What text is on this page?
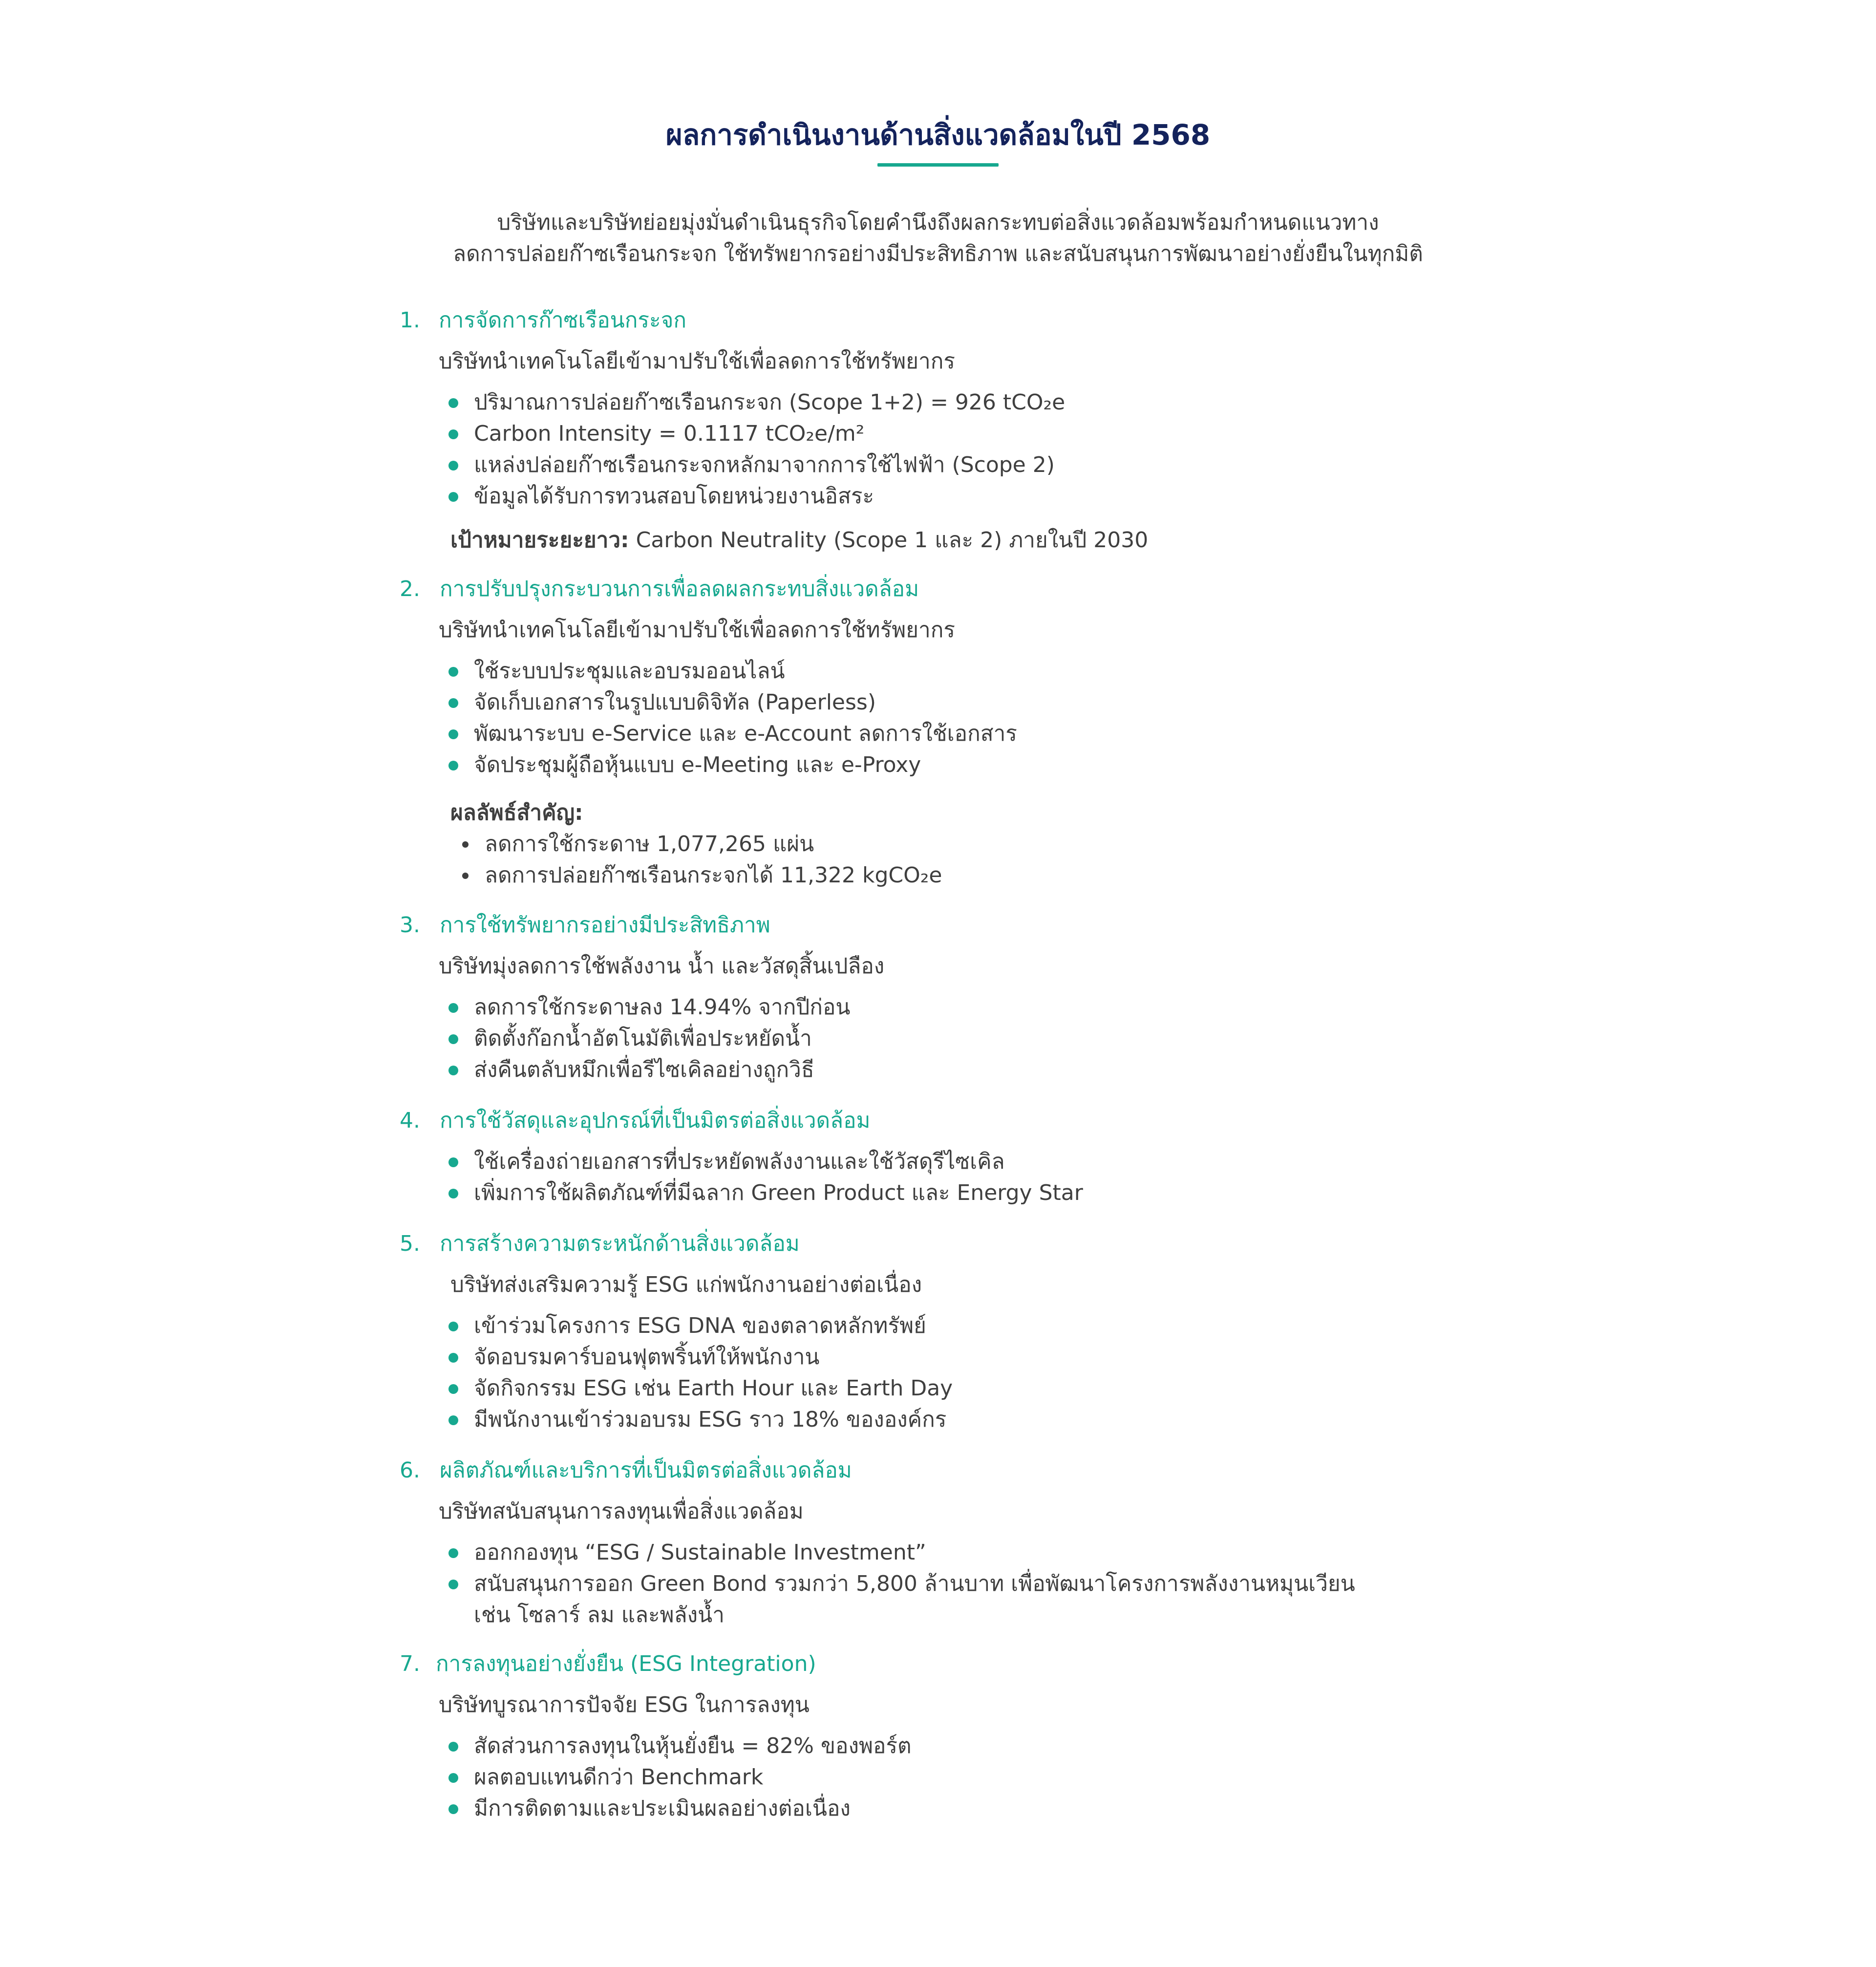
ผลการดำเนินงานด้านสิ่งแวดล้อมในปี 2568
บริษัทและบริษัทย่อยมุ่งมั่นดำเนินธุรกิจโดยคำนึงถึงผลกระทบต่อสิ่งแวดล้อมพร้อมกำหนดแนวทาง
ลดการปล่อยก๊าซเรือนกระจก ใช้ทรัพยากรอย่างมีประสิทธิภาพ และสนับสนุนการพัฒนาอย่างยั่งยืนในทุกมิติ
1. การจัดการก๊าซเรือนกระจก
บริษัทนำเทคโนโลยีเข้ามาปรับใช้เพื่อลดการใช้ทรัพยากร
ปริมาณการปล่อยก๊าซเรือนกระจก (Scope 1+2) = 926 tCO₂e
Carbon Intensity = 0.1117 tCO₂e/m²
แหล่งปล่อยก๊าซเรือนกระจกหลักมาจากการใช้ไฟฟ้า (Scope 2)
ข้อมูลได้รับการทวนสอบโดยหน่วยงานอิสระ
เป้าหมายระยะยาว: Carbon Neutrality (Scope 1 และ 2) ภายในปี 2030
2. การปรับปรุงกระบวนการเพื่อลดผลกระทบสิ่งแวดล้อม
บริษัทนำเทคโนโลยีเข้ามาปรับใช้เพื่อลดการใช้ทรัพยากร
ใช้ระบบประชุมและอบรมออนไลน์
จัดเก็บเอกสารในรูปแบบดิจิทัล (Paperless)
พัฒนาระบบ e-Service และ e-Account ลดการใช้เอกสาร
จัดประชุมผู้ถือหุ้นแบบ e-Meeting และ e-Proxy
ผลลัพธ์สำคัญ:
ลดการใช้กระดาษ 1,077,265 แผ่น
ลดการปล่อยก๊าซเรือนกระจกได้ 11,322 kgCO₂e
3. การใช้ทรัพยากรอย่างมีประสิทธิภาพ
บริษัทมุ่งลดการใช้พลังงาน น้ำ และวัสดุสิ้นเปลือง
ลดการใช้กระดาษลง 14.94% จากปีก่อน
ติดตั้งก๊อกน้ำอัตโนมัติเพื่อประหยัดน้ำ
ส่งคืนตลับหมึกเพื่อรีไซเคิลอย่างถูกวิธี
4. การใช้วัสดุและอุปกรณ์ที่เป็นมิตรต่อสิ่งแวดล้อม
ใช้เครื่องถ่ายเอกสารที่ประหยัดพลังงานและใช้วัสดุรีไซเคิล
เพิ่มการใช้ผลิตภัณฑ์ที่มีฉลาก Green Product และ Energy Star
5. การสร้างความตระหนักด้านสิ่งแวดล้อม
บริษัทส่งเสริมความรู้ ESG แก่พนักงานอย่างต่อเนื่อง
เข้าร่วมโครงการ ESG DNA ของตลาดหลักทรัพย์
จัดอบรมคาร์บอนฟุตพริ้นท์ให้พนักงาน
จัดกิจกรรม ESG เช่น Earth Hour และ Earth Day
มีพนักงานเข้าร่วมอบรม ESG ราว 18% ขององค์กร
6. ผลิตภัณฑ์และบริการที่เป็นมิตรต่อสิ่งแวดล้อม
บริษัทสนับสนุนการลงทุนเพื่อสิ่งแวดล้อม
ออกกองทุน “ESG / Sustainable Investment”
สนับสนุนการออก Green Bond รวมกว่า 5,800 ล้านบาท เพื่อพัฒนาโครงการพลังงานหมุนเวียน
เช่น โซลาร์ ลม และพลังน้ำ
7. การลงทุนอย่างยั่งยืน (ESG Integration)
บริษัทบูรณาการปัจจัย ESG ในการลงทุน
สัดส่วนการลงทุนในหุ้นยั่งยืน = 82% ของพอร์ต
ผลตอบแทนดีกว่า Benchmark
มีการติดตามและประเมินผลอย่างต่อเนื่อง
